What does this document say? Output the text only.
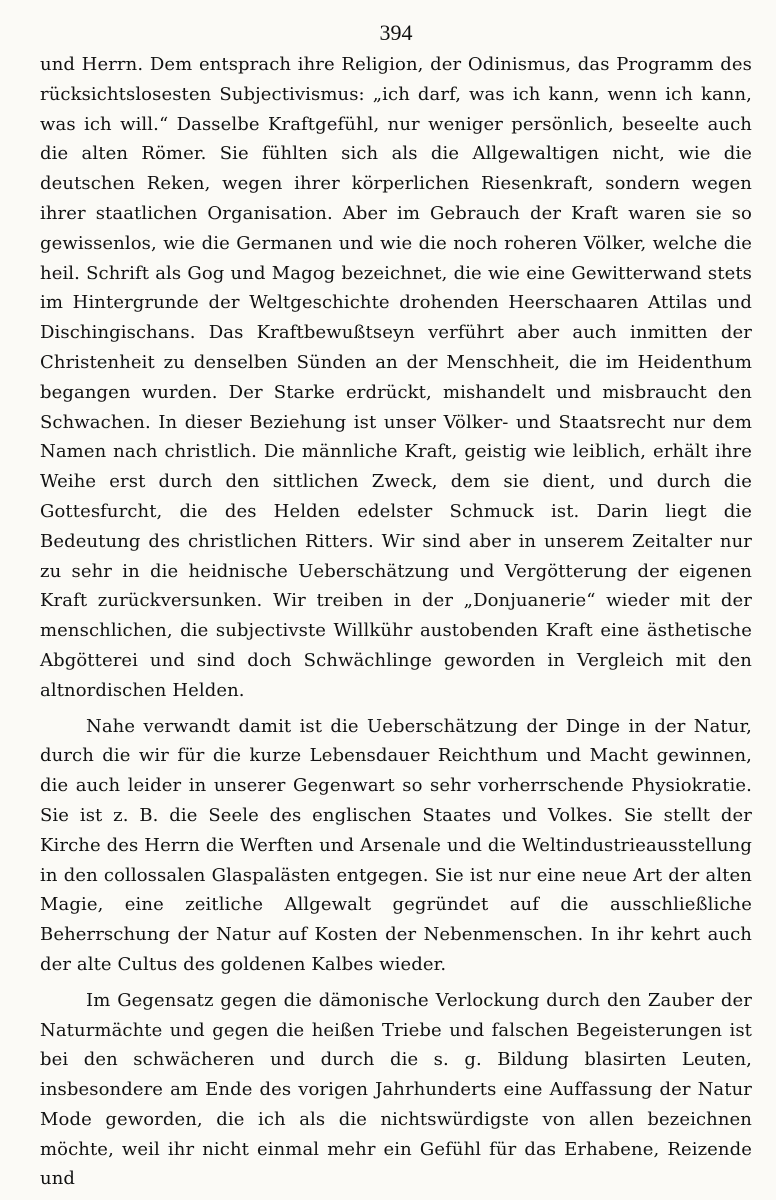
394

und Herrn. Dem entsprach ihre Religion, der Odinismus, das Programm des rücksichtslosesten Subjectivismus: „ich darf, was ich kann, wenn ich kann, was ich will.“ Dasselbe Kraftgefühl, nur weniger persönlich, beseelte auch die alten Römer. Sie fühlten sich als die Allgewaltigen nicht, wie die deutschen Reken, wegen ihrer körperlichen Riesenkraft, sondern wegen ihrer staatlichen Organisation. Aber im Gebrauch der Kraft waren sie so gewissenlos, wie die Germanen und wie die noch roheren Völker, welche die heil. Schrift als Gog und Magog bezeichnet, die wie eine Gewitterwand stets im Hintergrunde der Weltgeschichte drohenden Heerschaaren Attilas und Dischingischans. Das Kraftbewußtseyn verführt aber auch inmitten der Christenheit zu denselben Sünden an der Menschheit, die im Heidenthum begangen wurden. Der Starke erdrückt, mishandelt und misbraucht den Schwachen. In dieser Beziehung ist unser Völker- und Staatsrecht nur dem Namen nach christlich. Die männliche Kraft, geistig wie leiblich, erhält ihre Weihe erst durch den sittlichen Zweck, dem sie dient, und durch die Gottesfurcht, die des Helden edelster Schmuck ist. Darin liegt die Bedeutung des christlichen Ritters. Wir sind aber in unserem Zeitalter nur zu sehr in die heidnische Ueberschätzung und Vergötterung der eigenen Kraft zurückversunken. Wir treiben in der „Donjuanerie“ wieder mit der menschlichen, die subjectivste Willkühr austobenden Kraft eine ästhetische Abgötterei und sind doch Schwächlinge geworden in Vergleich mit den altnordischen Helden.

Nahe verwandt damit ist die Ueberschätzung der Dinge in der Natur, durch die wir für die kurze Lebensdauer Reichthum und Macht gewinnen, die auch leider in unserer Gegenwart so sehr vorherrschende Physiokratie. Sie ist z. B. die Seele des englischen Staates und Volkes. Sie stellt der Kirche des Herrn die Werften und Arsenale und die Weltindustrieausstellung in den collossalen Glaspalästen entgegen. Sie ist nur eine neue Art der alten Magie, eine zeitliche Allgewalt gegründet auf die ausschließliche Beherrschung der Natur auf Kosten der Nebenmenschen. In ihr kehrt auch der alte Cultus des goldenen Kalbes wieder.

Im Gegensatz gegen die dämonische Verlockung durch den Zauber der Naturmächte und gegen die heißen Triebe und falschen Begeisterungen ist bei den schwächeren und durch die s. g. Bildung blasirten Leuten, insbesondere am Ende des vorigen Jahrhunderts eine Auffassung der Natur Mode geworden, die ich als die nichtswürdigste von allen bezeichnen möchte, weil ihr nicht einmal mehr ein Gefühl für das Erhabene, Reizende und
